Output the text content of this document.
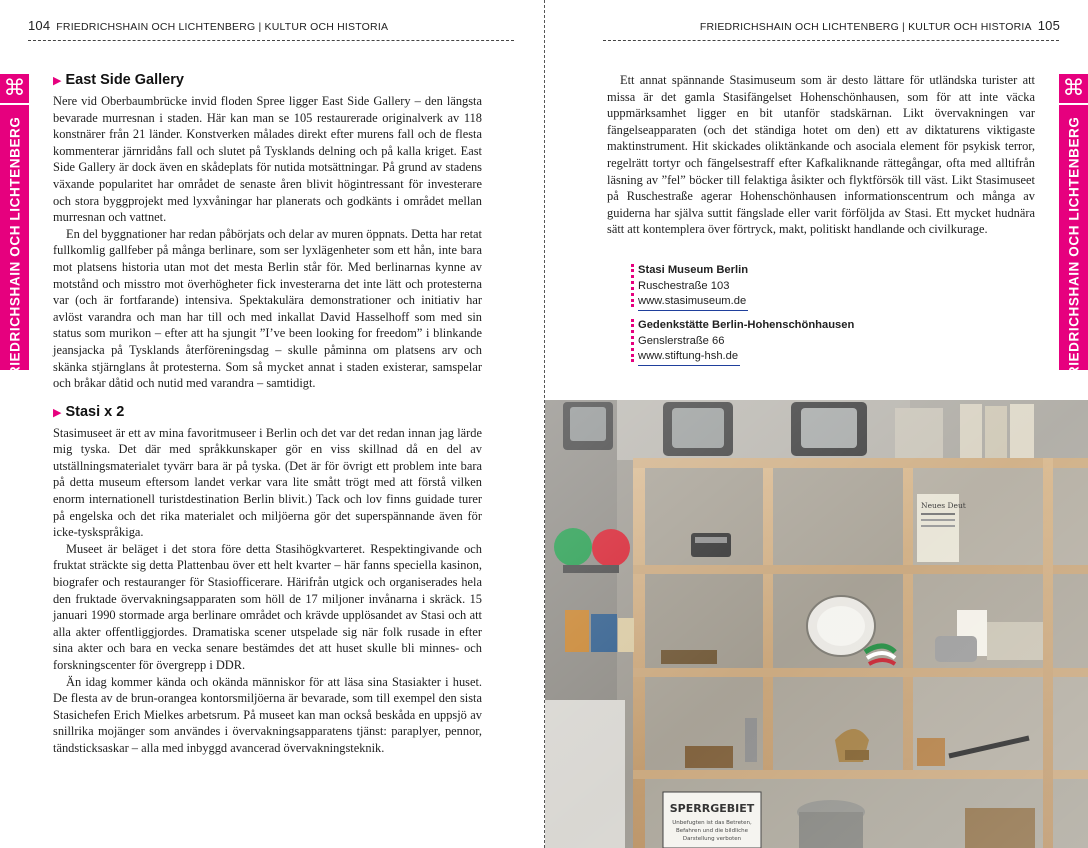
104 FRIEDRICHSHAIN OCH LICHTENBERG | KULTUR OCH HISTORIA
⌘
FRIEDRICHSHAIN OCH LICHTENBERG
▶ East Side Gallery

Nere vid Oberbaumbrücke invid floden Spree ligger East Side Gallery – den längsta bevarade murresnan i staden. Här kan man se 105 restaurerade originalverk av 118 konstnärer från 21 länder. Konstverken målades direkt efter murens fall och de flesta kommenterar järnridåns fall och slutet på Tysklands delning och på kalla kriget. East Side Gallery är dock även en skådeplats för nutida motsättningar. På grund av stadens växande popularitet har området de senaste åren blivit högintressant för investerare och stora byggprojekt med lyxvåningar har planerats och godkänts i området mellan murresnan och vattnet.

En del byggnationer har redan påbörjats och delar av muren öppnats. Detta har retat fullkomlig gallfeber på många berlinare, som ser lyxlägenheter som ett hån, inte bara mot platsens historia utan mot det mesta Berlin står för. Med berlinarnas kynne av motstånd och misstro mot överhögheter fick investerarna det inte lätt och protesterna var (och är fortfarande) intensiva. Spektakulära demonstrationer och initiativ har avlöst varandra och man har till och med inkallat David Hasselhoff som med sin status som murikon – efter att ha sjungit ”I’ve been looking for freedom” i blinkande jeansjacka på Tysklands återföreningsdag – skulle påminna om platsens arv och skänka stjärnglans åt protesterna. Som så mycket annat i staden existerar, samspelar och bråkar dåtid och nutid med varandra – samtidigt.

▶ Stasi x 2

Stasimuseet är ett av mina favoritmuseer i Berlin och det var det redan innan jag lärde mig tyska. Det där med språkkunskaper gör en viss skillnad då en del av utställningsmaterialet tyvärr bara är på tyska. (Det är för övrigt ett problem inte bara på detta museum eftersom landet verkar vara lite smått trögt med att förstå vilken enorm internationell turistdestination Berlin blivit.) Tack och lov finns guidade turer på engelska och det rika materialet och miljöerna gör det superspännande även för icke-tyskspråkiga.

Museet är beläget i det stora före detta Stasihögkvarteret. Respektingivande och fruktat sträckte sig detta Plattenbau över ett helt kvarter – här fanns speciella kasinon, biografer och restauranger för Stasiofficerare. Härifrån utgick och organiserades hela den fruktade övervakningsapparaten som höll de 17 miljoner invånarna i skräck. 15 januari 1990 stormade arga berlinare området och krävde upplösandet av Stasi och att alla akter offentliggjordes. Dramatiska scener utspelade sig när folk rusade in efter sina akter och bara en vecka senare bestämdes det att huset skulle bli minnes- och forskningscenter för övergrepp i DDR.

Än idag kommer kända och okända människor för att läsa sina Stasiakter i huset. De flesta av de brun-orangea kontorsmiljöerna är bevarade, som till exempel den sista Stasichefen Erich Mielkes arbetsrum. På museet kan man också beskåda en uppsjö av snillrika mojänger som användes i övervakningsapparatens tjänst: paraplyer, pennor, tändsticksaskar – alla med inbyggd avancerad övervakningsteknik.

FRIEDRICHSHAIN OCH LICHTENBERG | KULTUR OCH HISTORIA 105
⌘
FRIEDRICHSHAIN OCH LICHTENBERG

Ett annat spännande Stasimuseum som är desto lättare för utländska turister att missa är det gamla Stasifängelset Hohenschönhausen, som för att inte väcka uppmärksamhet ligger en bit utanför stadskärnan. Likt övervakningen var fängelseapparaten (och det ständiga hotet om den) ett av diktaturens viktigaste maktinstrument. Hit skickades oliktänkande och asociala element för psykisk terror, regelrätt tortyr och fängelsestraff efter Kafkaliknande rättegångar, ofta med alltifrån läsning av ”fel” böcker till felaktiga åsikter och flyktförsök till väst. Likt Stasimuseet på Ruschestraße agerar Hohenschönhausen informationscentrum och många av guiderna har själva suttit fängslade eller varit förföljda av Stasi. Ett mycket hudnära sätt att kontemplera över förtryck, makt, politiskt handlande och civilkurage.

Stasi Museum Berlin
Ruschestraße 103
www.stasimuseum.de
Gedenkstätte Berlin-Hohenschönhausen
Genslerstraße 66
www.stiftung-hsh.de
